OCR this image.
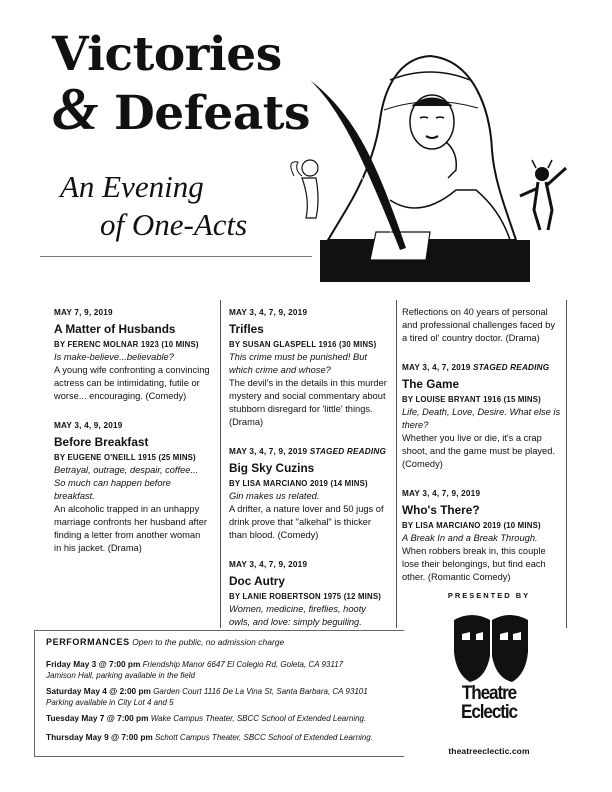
Victories
& Defeats
An Evening
of One-Acts
MAY 7, 9, 2019
A Matter of Husbands
BY FERENC MOLNAR 1923 (10 MINS)
Is make-believe...believable?
A young wife confronting a convincing actress can be intimidating, futile or worse... encouraging. (Comedy)
MAY 3, 4, 9, 2019
Before Breakfast
BY EUGENE O'NEILL 1915 (25 MINS)
Betrayal, outrage, despair, coffee... So much can happen before breakfast.
An alcoholic trapped in an unhappy marriage confronts her husband after finding a letter from another woman in his jacket. (Drama)
MAY 3, 4, 7, 9, 2019
Trifles
BY SUSAN GLASPELL 1916 (30 MINS)
This crime must be punished! But which crime and whose?
The devil's in the details in this murder mystery and social commentary about stubborn disregard for 'little' things. (Drama)
MAY 3, 4, 7, 9, 2019 STAGED READING
Big Sky Cuzins
BY LISA MARCIANO 2019 (14 MINS)
Gin makes us related.
A drifter, a nature lover and 50 jugs of drink prove that "alkehal" is thicker than blood. (Comedy)
MAY 3, 4, 7, 9, 2019
Doc Autry
BY LANIE ROBERTSON 1975 (12 MINS)
Women, medicine, fireflies, hooty owls, and love: simply beguiling.
Reflections on 40 years of personal and professional challenges faced by a tired ol' country doctor. (Drama)
MAY 3, 4, 7, 2019 STAGED READING
The Game
BY LOUISE BRYANT 1916 (15 MINS)
Life, Death, Love, Desire. What else is there?
Whether you live or die, it's a crap shoot, and the game must be played. (Comedy)
MAY 3, 4, 7, 9, 2019
Who's There?
BY LISA MARCIANO 2019 (10 MINS)
A Break In and a Break Through.
When robbers break in, this couple lose their belongings, but find each other. (Romantic Comedy)
PERFORMANCES Open to the public, no admission charge
Friday May 3 @ 7:00 pm Friendship Manor 6647 El Colegio Rd, Goleta, CA 93117
Jamison Hall, parking available in the field
Saturday May 4 @ 2:00 pm Garden Court 1116 De La Vina St, Santa Barbara, CA 93101
Parking available in City Lot 4 and 5
Tuesday May 7 @ 7:00 pm Wake Campus Theater, SBCC School of Extended Learning.
Thursday May 9 @ 7:00 pm Schott Campus Theater, SBCC School of Extended Learning.
PRESENTED BY
Theatre
Eclectic
theatreeclectic.com
